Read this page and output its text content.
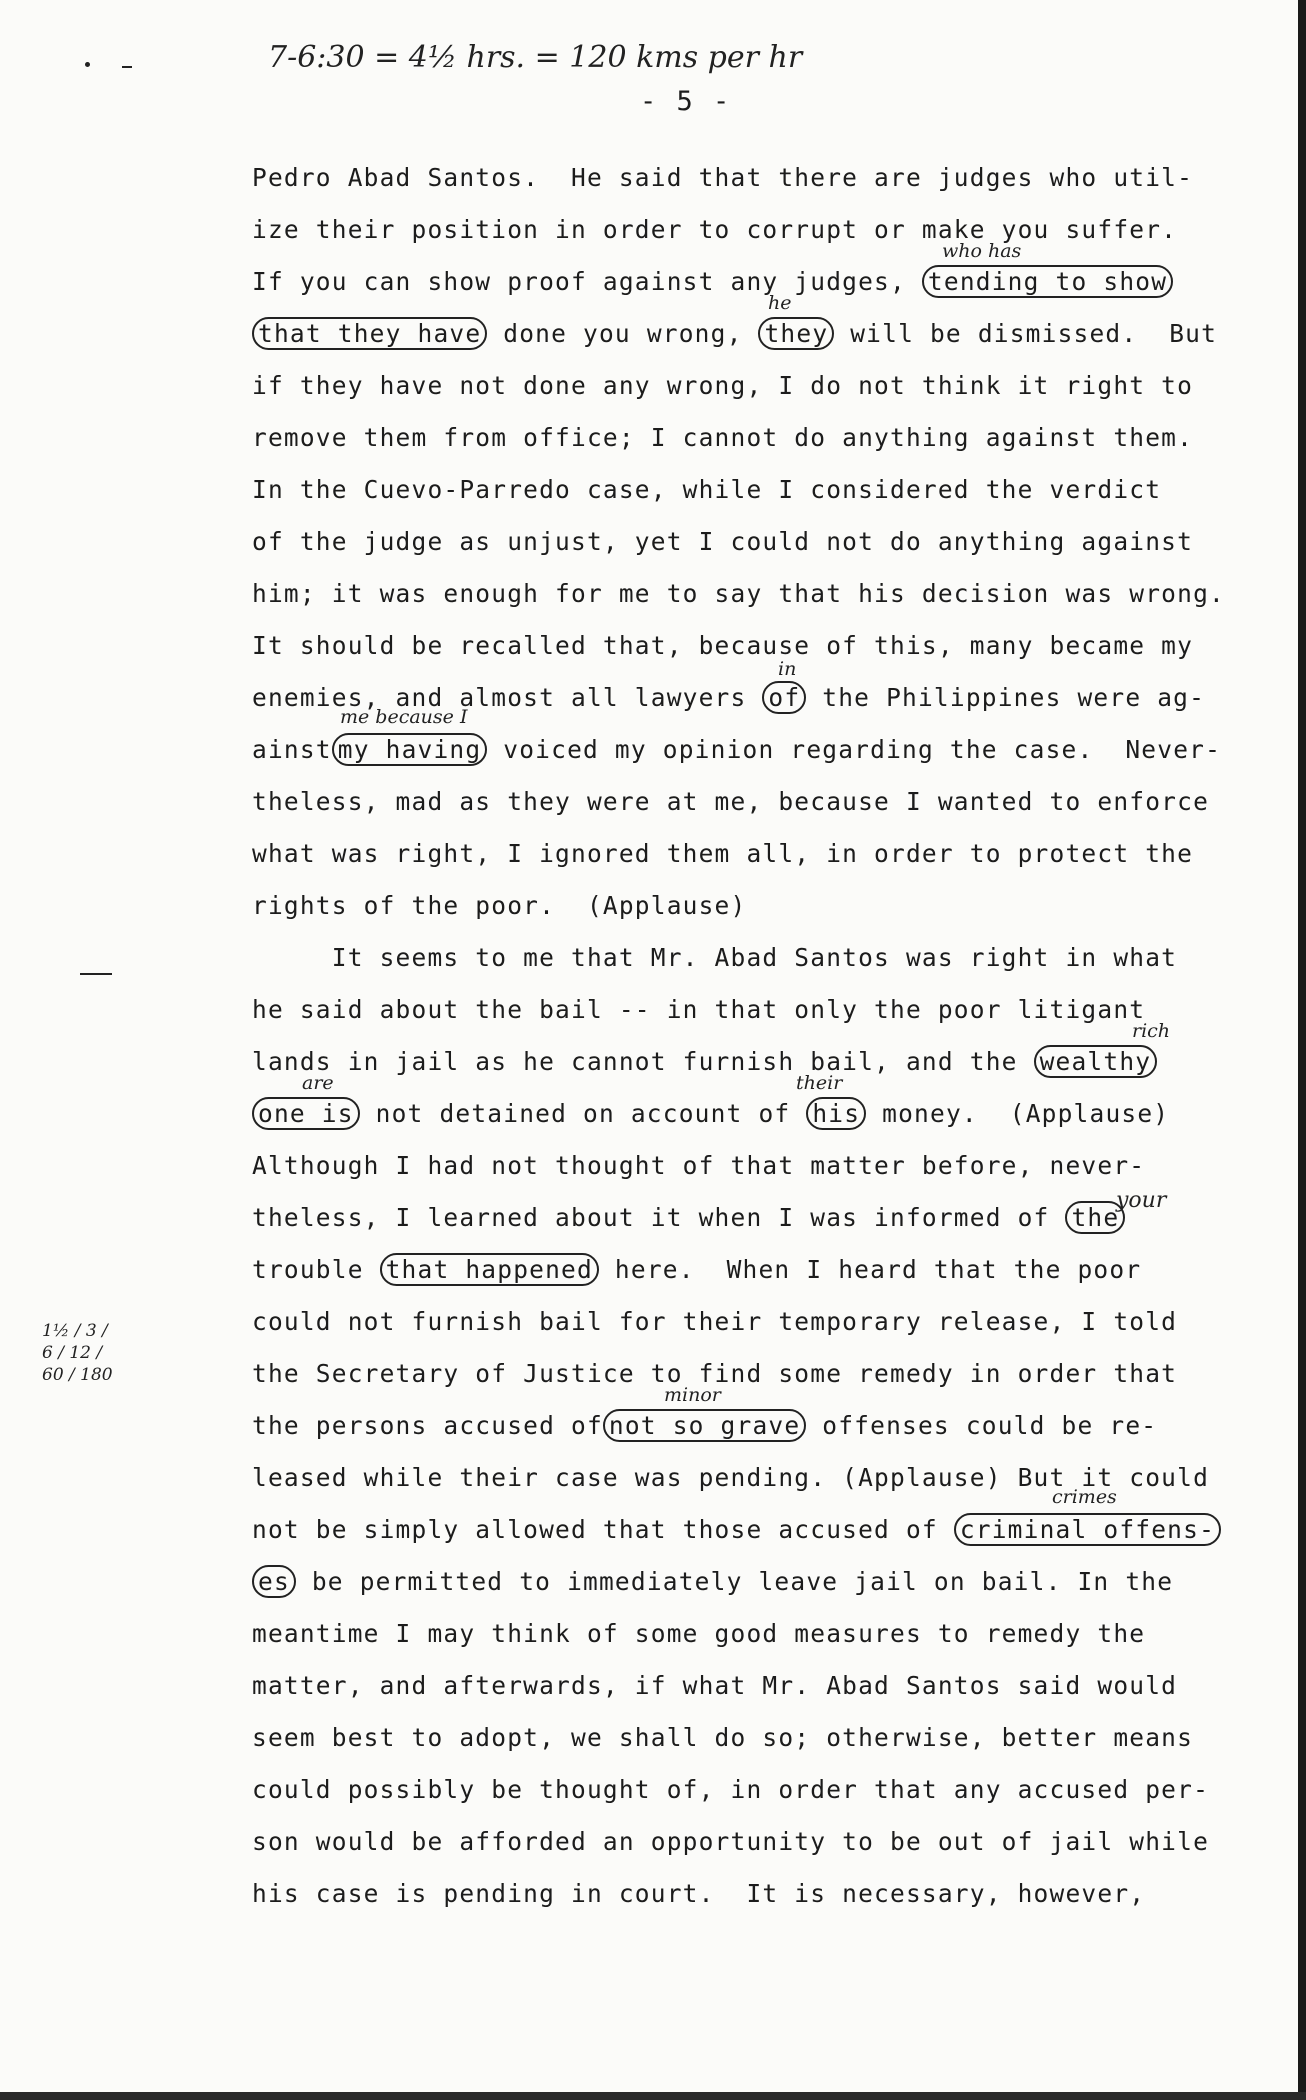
7-6:30 = 4½ hrs. = 120 kms per hr
- 5 -
1½ / 3 / 6 / 12 / 60 / 180
Pedro Abad Santos.  He said that there are judges who util-
ize their position in order to corrupt or make you suffer.
If you can show proof against any judges, tending to show
who has
that they have done you wrong, they will be dismissed.  But
he
if they have not done any wrong, I do not think it right to
remove them from office; I cannot do anything against them.
In the Cuevo-Parredo case, while I considered the verdict
of the judge as unjust, yet I could not do anything against
him; it was enough for me to say that his decision was wrong.
It should be recalled that, because of this, many became my
enemies, and almost all lawyers of the Philippines were ag-
in
ainst my having voiced my opinion regarding the case.  Never-
me because I
theless, mad as they were at me, because I wanted to enforce
what was right, I ignored them all, in order to protect the
rights of the poor.  (Applause)
It seems to me that Mr. Abad Santos was right in what
he said about the bail -- in that only the poor litigant
lands in jail as he cannot furnish bail, and the wealthy
rich
one is not detained on account of his money.  (Applause)
are	their
Although I had not thought of that matter before, never-
theless, I learned about it when I was informed of the
your
trouble that happened here.  When I heard that the poor
could not furnish bail for their temporary release, I told
the Secretary of Justice to find some remedy in order that
the persons accused of not so grave offenses could be re-
minor
leased while their case was pending. (Applause) But it could
not be simply allowed that those accused of criminal offens-
crimes
es be permitted to immediately leave jail on bail. In the
meantime I may think of some good measures to remedy the
matter, and afterwards, if what Mr. Abad Santos said would
seem best to adopt, we shall do so; otherwise, better means
could possibly be thought of, in order that any accused per-
son would be afforded an opportunity to be out of jail while
his case is pending in court.  It is necessary, however,
